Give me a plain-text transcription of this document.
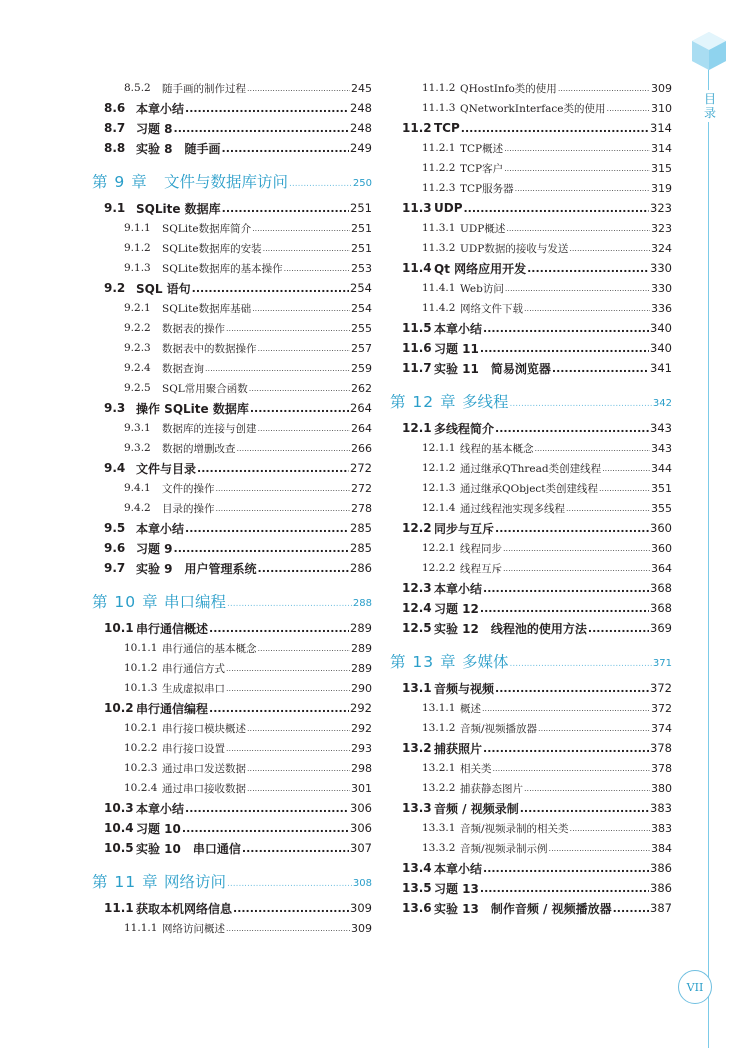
8.5.2	随手画的制作过程 .....	245
8.6 本章小结 .....	248
8.7 习题 8 .....	248
8.8 实验 8　随手画 .....	249
第 9 章	文件与数据库访问 .....	250
9.1 SQLite 数据库 .....	251
9.1.1	SQLite数据库简介 .....	251
9.1.2	SQLite数据库的安装 .....	251
9.1.3	SQLite数据库的基本操作 .....	253
9.2 SQL 语句 .....	254
9.2.1	SQLite数据库基础 .....	254
9.2.2	数据表的操作 .....	255
9.2.3	数据表中的数据操作 .....	257
9.2.4	数据查询 .....	259
9.2.5	SQL常用聚合函数 .....	262
9.3 操作 SQLite 数据库 .....	264
9.3.1	数据库的连接与创建 .....	264
9.3.2	数据的增删改查 .....	266
9.4 文件与目录 .....	272
9.4.1	文件的操作 .....	272
9.4.2	目录的操作 .....	278
9.5 本章小结 .....	285
9.6 习题 9 .....	285
9.7 实验 9　用户管理系统 .....	286
第 10 章 串口编程 .....	288
10.1 串行通信概述 .....	289
10.1.1 串行通信的基本概念 .....	289
10.1.2 串行通信方式 .....	289
10.1.3 生成虚拟串口 .....	290
10.2 串行通信编程 .....	292
10.2.1 串行接口模块概述 .....	292
10.2.2 串行接口设置 .....	293
10.2.3 通过串口发送数据 .....	298
10.2.4 通过串口接收数据 .....	301
10.3 本章小结 .....	306
10.4 习题 10 .....	306
10.5 实验 10　串口通信 .....	307
第 11 章 网络访问 .....	308
11.1 获取本机网络信息 .....	309
11.1.1 网络访问概述 .....	309
11.1.2 QHostInfo类的使用 .....	309
11.1.3 QNetworkInterface类的使用 .....	310
11.2 TCP .....	314
11.2.1 TCP概述 .....	314
11.2.2 TCP客户 .....	315
11.2.3 TCP服务器 .....	319
11.3 UDP .....	323
11.3.1 UDP概述 .....	323
11.3.2 UDP数据的接收与发送 .....	324
11.4 Qt 网络应用开发 .....	330
11.4.1 Web访问 .....	330
11.4.2 网络文件下载 .....	336
11.5 本章小结 .....	340
11.6 习题 11 .....	340
11.7 实验 11　简易浏览器 .....	341
第 12 章 多线程 .....	342
12.1 多线程简介 .....	343
12.1.1 线程的基本概念 .....	343
12.1.2 通过继承QThread类创建线程 .....	344
12.1.3 通过继承QObject类创建线程 .....	351
12.1.4 通过线程池实现多线程 .....	355
12.2 同步与互斥 .....	360
12.2.1 线程同步 .....	360
12.2.2 线程互斥 .....	364
12.3 本章小结 .....	368
12.4 习题 12 .....	368
12.5 实验 12　线程池的使用方法 .....	369
第 13 章 多媒体 .....	371
13.1 音频与视频 .....	372
13.1.1 概述 .....	372
13.1.2 音频/视频播放器 .....	374
13.2 捕获照片 .....	378
13.2.1 相关类 .....	378
13.2.2 捕获静态图片 .....	380
13.3 音频 / 视频录制 .....	383
13.3.1 音频/视频录制的相关类 .....	383
13.3.2 音频/视频录制示例 .....	384
13.4 本章小结 .....	386
13.5 习题 13 .....	386
13.6 实验 13　制作音频 / 视频播放器 .....	387
目录
VII
